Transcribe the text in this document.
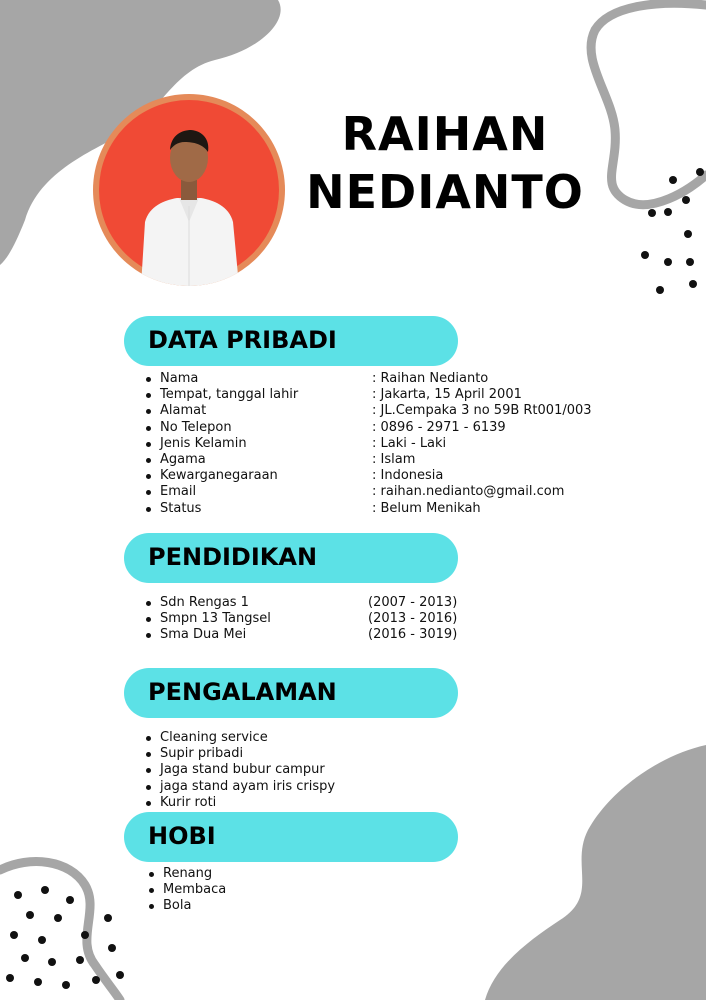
RAIHAN
NEDIANTO
DATA PRIBADI
Nama	: Raihan Nedianto
Tempat, tanggal lahir	: Jakarta, 15 April 2001
Alamat	: JL.Cempaka 3 no 59B Rt001/003
No Telepon	: 0896 - 2971 - 6139
Jenis Kelamin	: Laki - Laki
Agama	: Islam
Kewarganegaraan	: Indonesia
Email	: raihan.nedianto@gmail.com
Status	: Belum Menikah
PENDIDIKAN
Sdn Rengas 1	(2007 - 2013)
Smpn 13 Tangsel	(2013 - 2016)
Sma Dua Mei	(2016 - 3019)
PENGALAMAN
Cleaning service
Supir pribadi
Jaga stand bubur campur
jaga stand ayam iris crispy
Kurir roti
HOBI
Renang
Membaca
Bola
